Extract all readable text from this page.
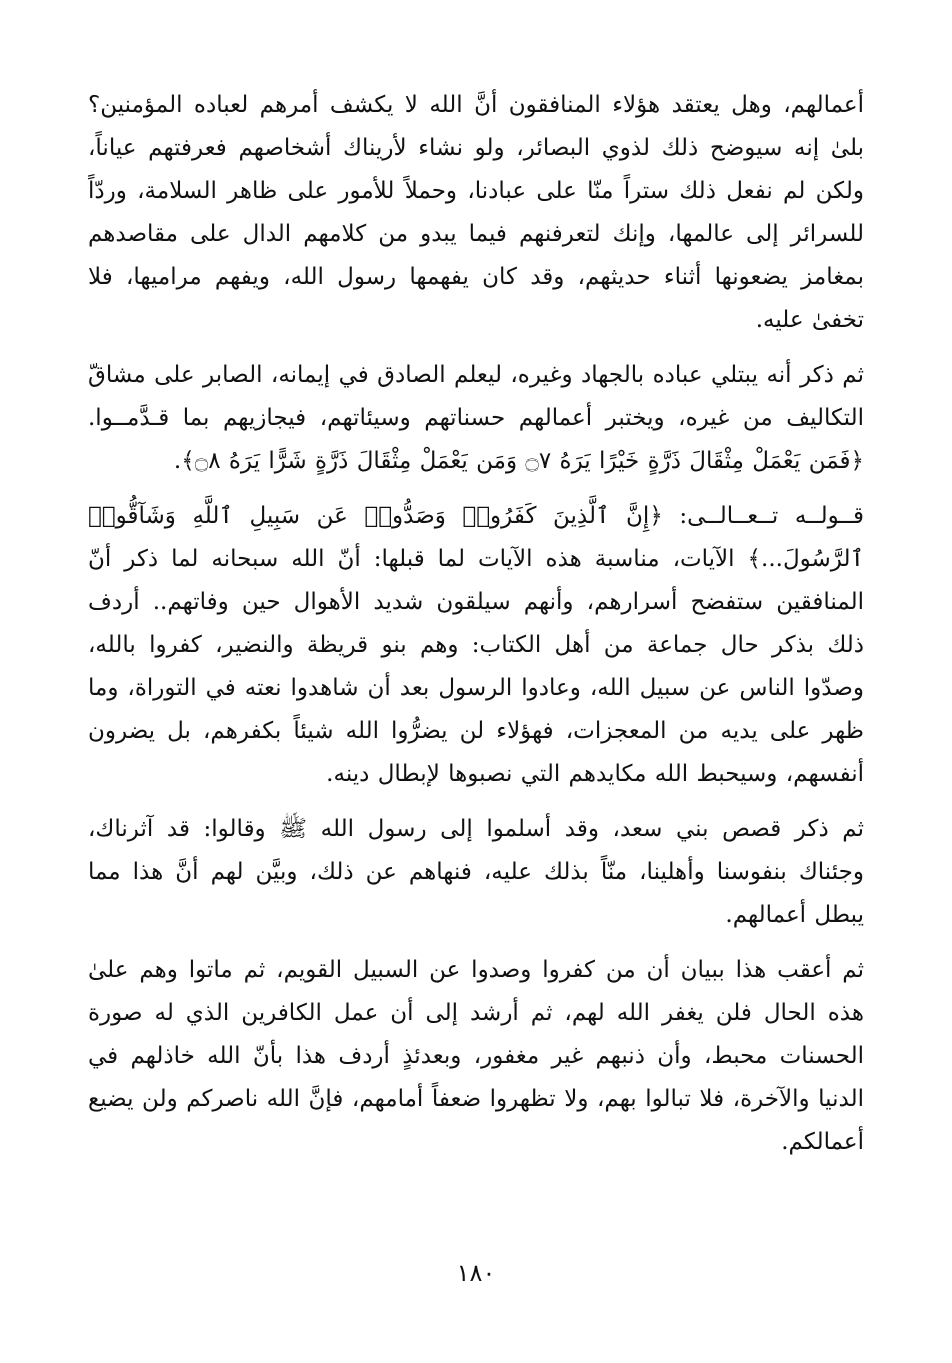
أعمالهم، وهل يعتقد هؤلاء المنافقون أنَّ الله لا يكشف أمرهم لعباده المؤمنين؟ بلىٰ إنه سيوضح ذلك لذوي البصائر، ولو نشاء لأريناك أشخاصهم فعرفتهم عياناً، ولكن لم نفعل ذلك ستراً منّا على عبادنا، وحملاً للأمور على ظاهر السلامة، وردّاً للسرائر إلى عالمها، وإنك لتعرفنهم فيما يبدو من كلامهم الدال على مقاصدهم بمغامز يضعونها أثناء حديثهم، وقد كان يفهمها رسول الله، ويفهم مراميها، فلا تخفىٰ عليه.

ثم ذكر أنه يبتلي عباده بالجهاد وغيره، ليعلم الصادق في إيمانه، الصابر على مشاقّ التكاليف من غيره، ويختبر أعمالهم حسناتهم وسيئاتهم، فيجازيهم بما قـدَّمــوا. ﴿فَمَن يَعْمَلْ مِثْقَالَ ذَرَّةٍ خَيْرًا يَرَهُ ۝٧ وَمَن يَعْمَلْ مِثْقَالَ ذَرَّةٍ شَرًّا يَرَهُ ۝٨﴾.

قــولــه تــعــالــى: ﴿إِنَّ ٱلَّذِينَ كَفَرُوا۟ وَصَدُّوا۟ عَن سَبِيلِ ٱللَّهِ وَشَآقُّوا۟ ٱلرَّسُولَ...﴾ الآيات، مناسبة هذه الآيات لما قبلها: أنّ الله سبحانه لما ذكر أنّ المنافقين ستفضح أسرارهم، وأنهم سيلقون شديد الأهوال حين وفاتهم.. أردف ذلك بذكر حال جماعة من أهل الكتاب: وهم بنو قريظة والنضير، كفروا بالله، وصدّوا الناس عن سبيل الله، وعادوا الرسول بعد أن شاهدوا نعته في التوراة، وما ظهر على يديه من المعجزات، فهؤلاء لن يضرُّوا الله شيئاً بكفرهم، بل يضرون أنفسهم، وسيحبط الله مكايدهم التي نصبوها لإبطال دينه.

ثم ذكر قصص بني سعد، وقد أسلموا إلى رسول الله ﷺ وقالوا: قد آثرناك، وجئناك بنفوسنا وأهلينا، منّاً بذلك عليه، فنهاهم عن ذلك، وبيَّن لهم أنَّ هذا مما يبطل أعمالهم.

ثم أعقب هذا ببيان أن من كفروا وصدوا عن السبيل القويم، ثم ماتوا وهم علىٰ هذه الحال فلن يغفر الله لهم، ثم أرشد إلى أن عمل الكافرين الذي له صورة الحسنات محبط، وأن ذنبهم غير مغفور، وبعدئذٍ أردف هذا بأنّ الله خاذلهم في الدنيا والآخرة، فلا تبالوا بهم، ولا تظهروا ضعفاً أمامهم، فإنَّ الله ناصركم ولن يضيع أعمالكم.

١٨٠
